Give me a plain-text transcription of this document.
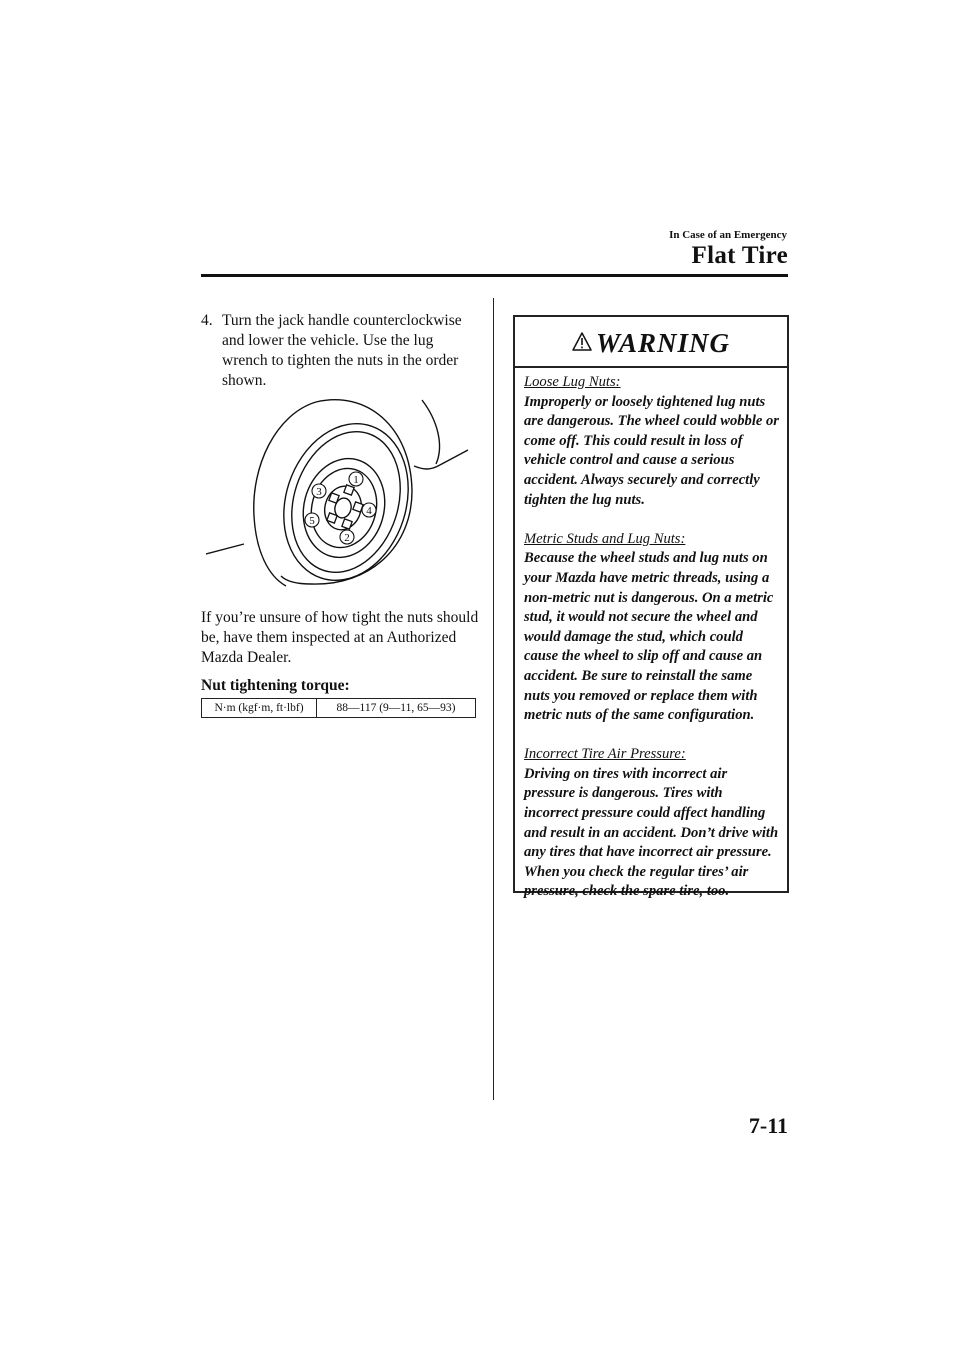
In Case of an Emergency
Flat Tire
4. Turn the jack handle counterclockwise and lower the vehicle. Use the lug wrench to tighten the nuts in the order shown.
1
2
3
4
5
If you’re unsure of how tight the nuts should be, have them inspected at an Authorized Mazda Dealer.
Nut tightening torque:
N·m (kgf·m, ft·lbf)	88—117 (9—11, 65—93)
WARNING
Loose Lug Nuts:
Improperly or loosely tightened lug nuts are dangerous. The wheel could wobble or come off. This could result in loss of vehicle control and cause a serious accident. Always securely and correctly tighten the lug nuts.
Metric Studs and Lug Nuts:
Because the wheel studs and lug nuts on your Mazda have metric threads, using a non-metric nut is dangerous. On a metric stud, it would not secure the wheel and would damage the stud, which could cause the wheel to slip off and cause an accident. Be sure to reinstall the same nuts you removed or replace them with metric nuts of the same configuration.
Incorrect Tire Air Pressure:
Driving on tires with incorrect air pressure is dangerous. Tires with incorrect pressure could affect handling and result in an accident. Don’t drive with any tires that have incorrect air pressure. When you check the regular tires’ air pressure, check the spare tire, too.
7-11
